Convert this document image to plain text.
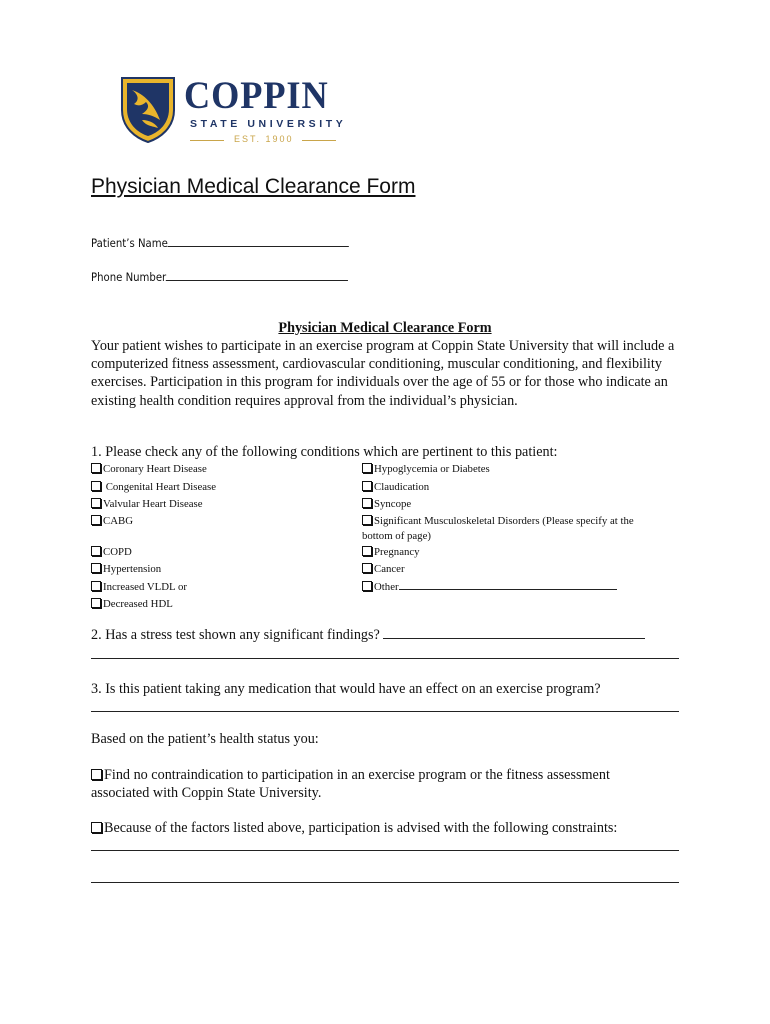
COPPIN
STATE UNIVERSITY
EST. 1900
Physician Medical Clearance Form
Patient’s Name
Phone Number
Physician Medical Clearance Form
Your patient wishes to participate in an exercise program at Coppin State University that will include a computerized fitness assessment, cardiovascular conditioning, muscular conditioning, and flexibility exercises. Participation in this program for individuals over the age of 55 or for those who indicate an existing health condition requires approval from the individual’s physician.
1. Please check any of the following conditions which are pertinent to this patient:
Coronary Heart Disease
Congenital Heart Disease
Valvular Heart Disease
CABG
COPD
Hypertension
Increased VLDL or
Decreased HDL
Hypoglycemia or Diabetes
Claudication
Syncope
Significant Musculoskeletal Disorders (Please specify at the
bottom of page)
Pregnancy
Cancer
Other
2. Has a stress test shown any significant findings?
3. Is this patient taking any medication that would have an effect on an exercise program?
Based on the patient’s health status you:
Find no contraindication to participation in an exercise program or the fitness assessment associated with Coppin State University.
Because of the factors listed above, participation is advised with the following constraints:
